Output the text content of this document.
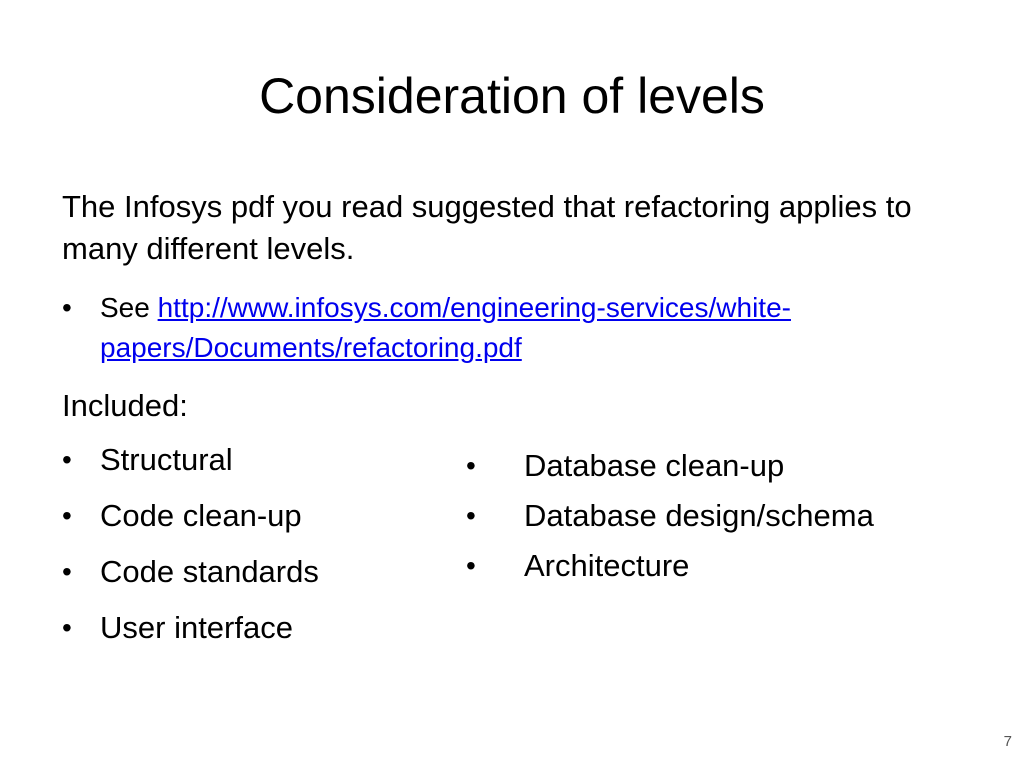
Consideration of levels

The Infosys pdf you read suggested that refactoring applies to many different levels.

•	See http://www.infosys.com/engineering-services/white-papers/Documents/refactoring.pdf

Included:

• Structural
• Code clean-up
• Code standards
• User interface
•	Database clean-up
•	Database design/schema
•	Architecture
7
